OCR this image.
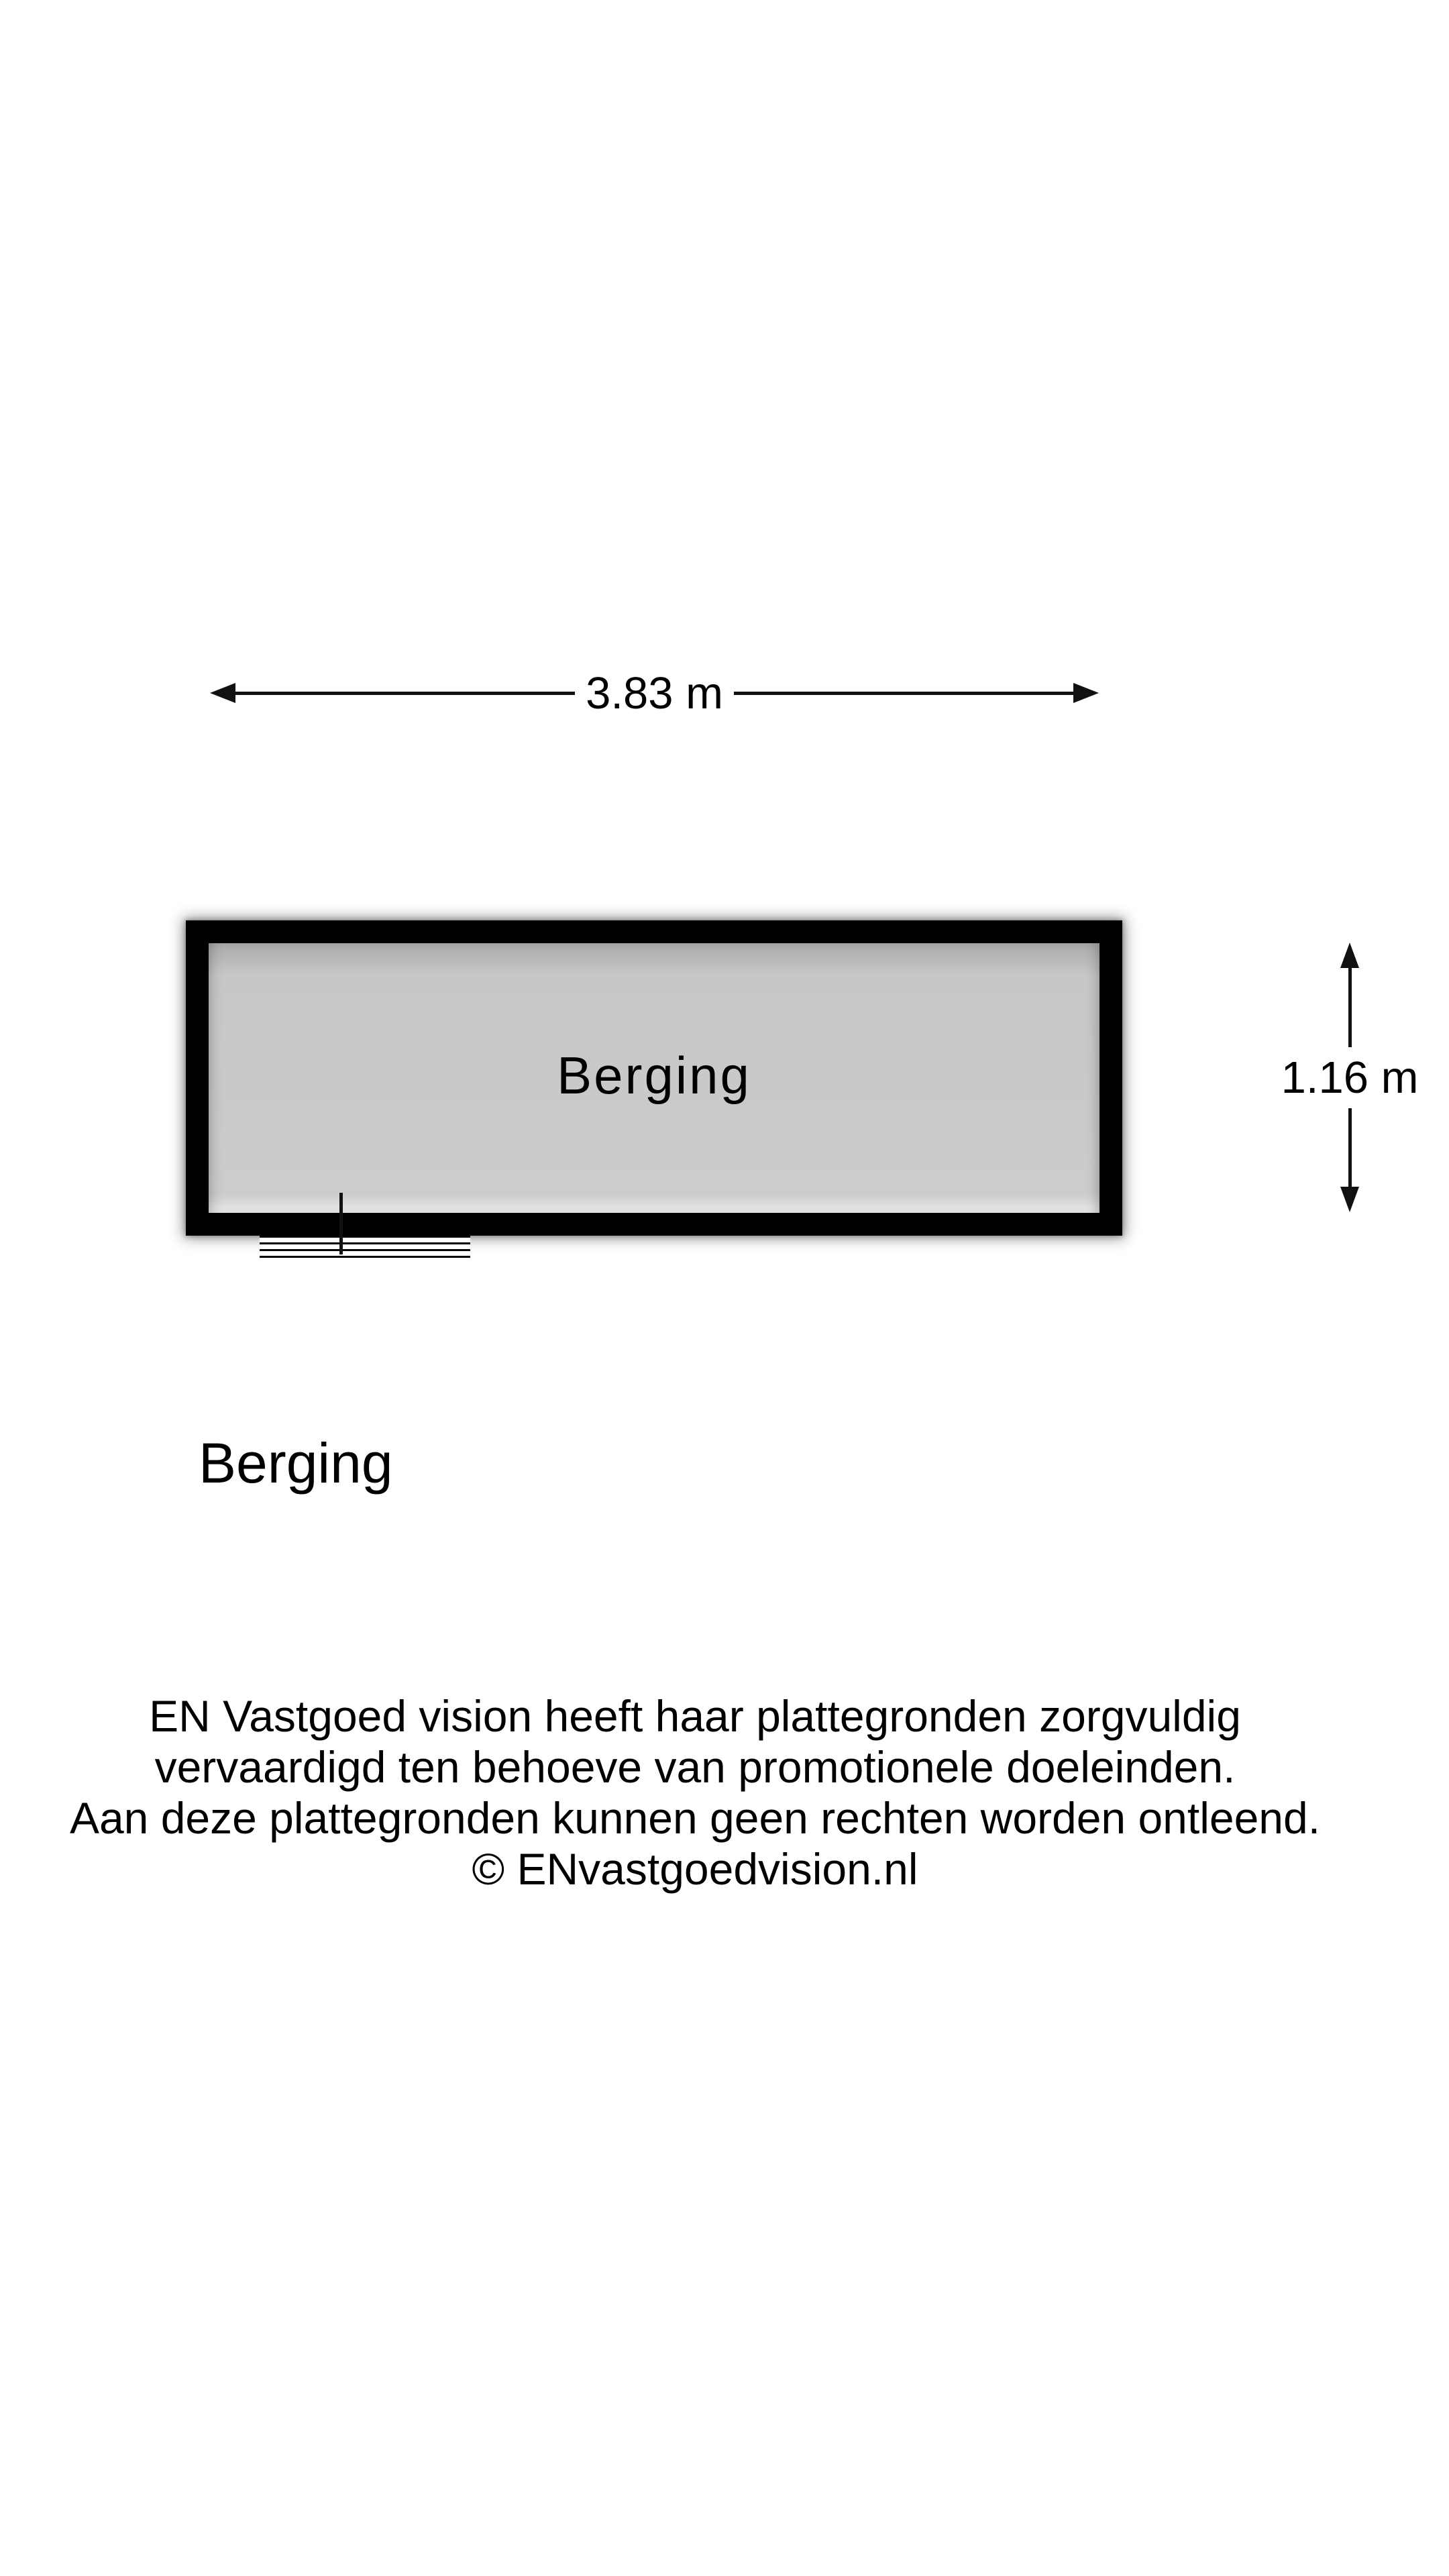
3.83 m
Berging	1.16 m
Berging
EN Vastgoed vision heeft haar plattegronden zorgvuldig
vervaardigd ten behoeve van promotionele doeleinden.
Aan deze plattegronden kunnen geen rechten worden ontleend.
© ENvastgoedvision.nl
